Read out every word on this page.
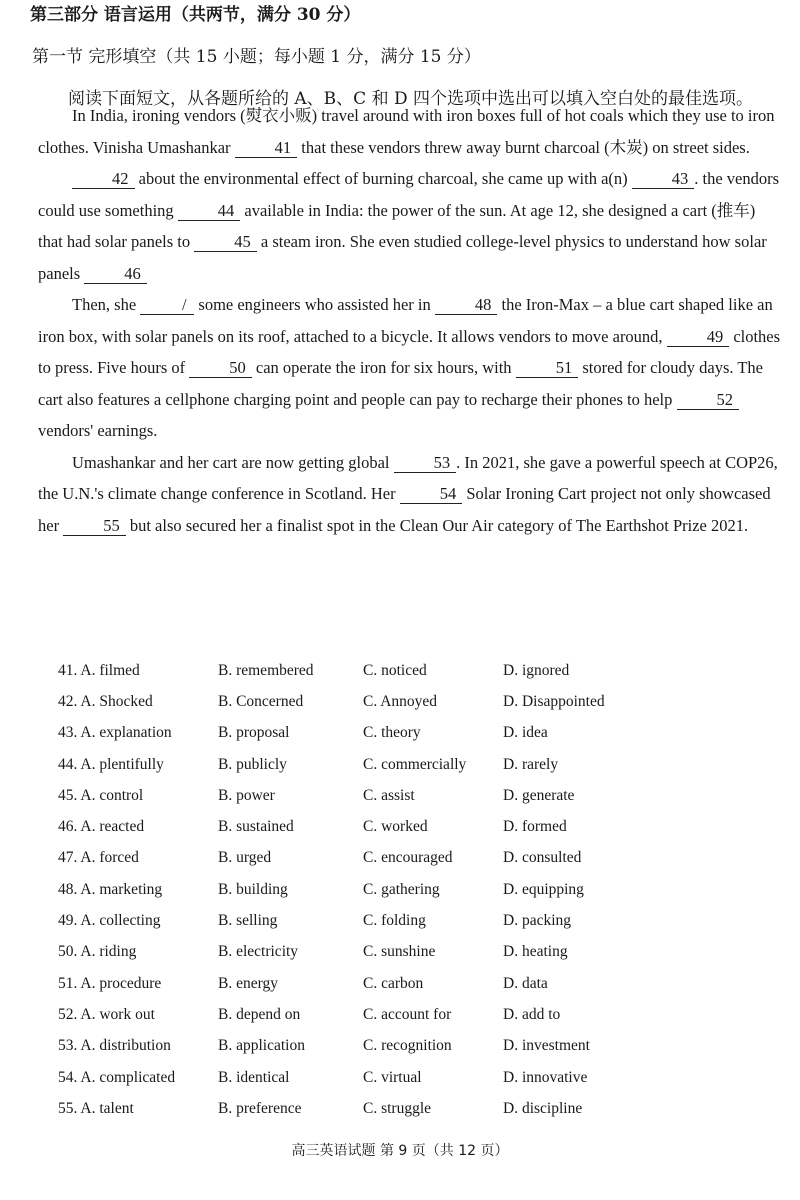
第三部分 语言运用（共两节，满分 30 分）
第一节 完形填空（共 15 小题；每小题 1 分，满分 15 分）
阅读下面短文，从各题所给的 A、B、C 和 D 四个选项中选出可以填入空白处的最佳选项。

In India, ironing vendors (熨衣小贩) travel around with iron boxes full of hot coals which they use to iron clothes. Vinisha Umashankar 41 that these vendors threw away burnt charcoal (木炭) on street sides.

42 about the environmental effect of burning charcoal, she came up with a(n) 43 . the vendors could use something 44 available in India: the power of the sun. At age 12, she designed a cart (推车) that had solar panels to 45 a steam iron. She even studied college-level physics to understand how solar panels 46

Then, she	/ some engineers who assisted her in 48 the Iron-Max – a blue cart shaped like an iron box, with solar panels on its roof, attached to a bicycle. It allows vendors to move around, 49 clothes to press. Five hours of 50 can operate the iron for six hours, with 51 stored for cloudy days. The cart also features a cellphone charging point and people can pay to recharge their phones to help 52 vendors' earnings.

Umashankar and her cart are now getting global 53 . In 2021, she gave a powerful speech at COP26, the U.N.'s climate change conference in Scotland. Her 54 Solar Ironing Cart project not only showcased her 55 but also secured her a finalist spot in the Clean Our Air category of The Earthshot Prize 2021.

41. A. filmed	B. remembered	C. noticed	D. ignored
42. A. Shocked	B. Concerned	C. Annoyed	D. Disappointed
43. A. explanation	B. proposal	C. theory	D. idea
44. A. plentifully	B. publicly	C. commercially	D. rarely
45. A. control	B. power	C. assist	D. generate
46. A. reacted	B. sustained	C. worked	D. formed
47. A. forced	B. urged	C. encouraged	D. consulted
48. A. marketing	B. building	C. gathering	D. equipping
49. A. collecting	B. selling	C. folding	D. packing
50. A. riding	B. electricity	C. sunshine	D. heating
51. A. procedure	B. energy	C. carbon	D. data
52. A. work out	B. depend on	C. account for	D. add to
53. A. distribution	B. application	C. recognition	D. investment
54. A. complicated	B. identical	C. virtual	D. innovative
55. A. talent	B. preference	C. struggle	D. discipline
高三英语试题 第 9 页（共 12 页）
